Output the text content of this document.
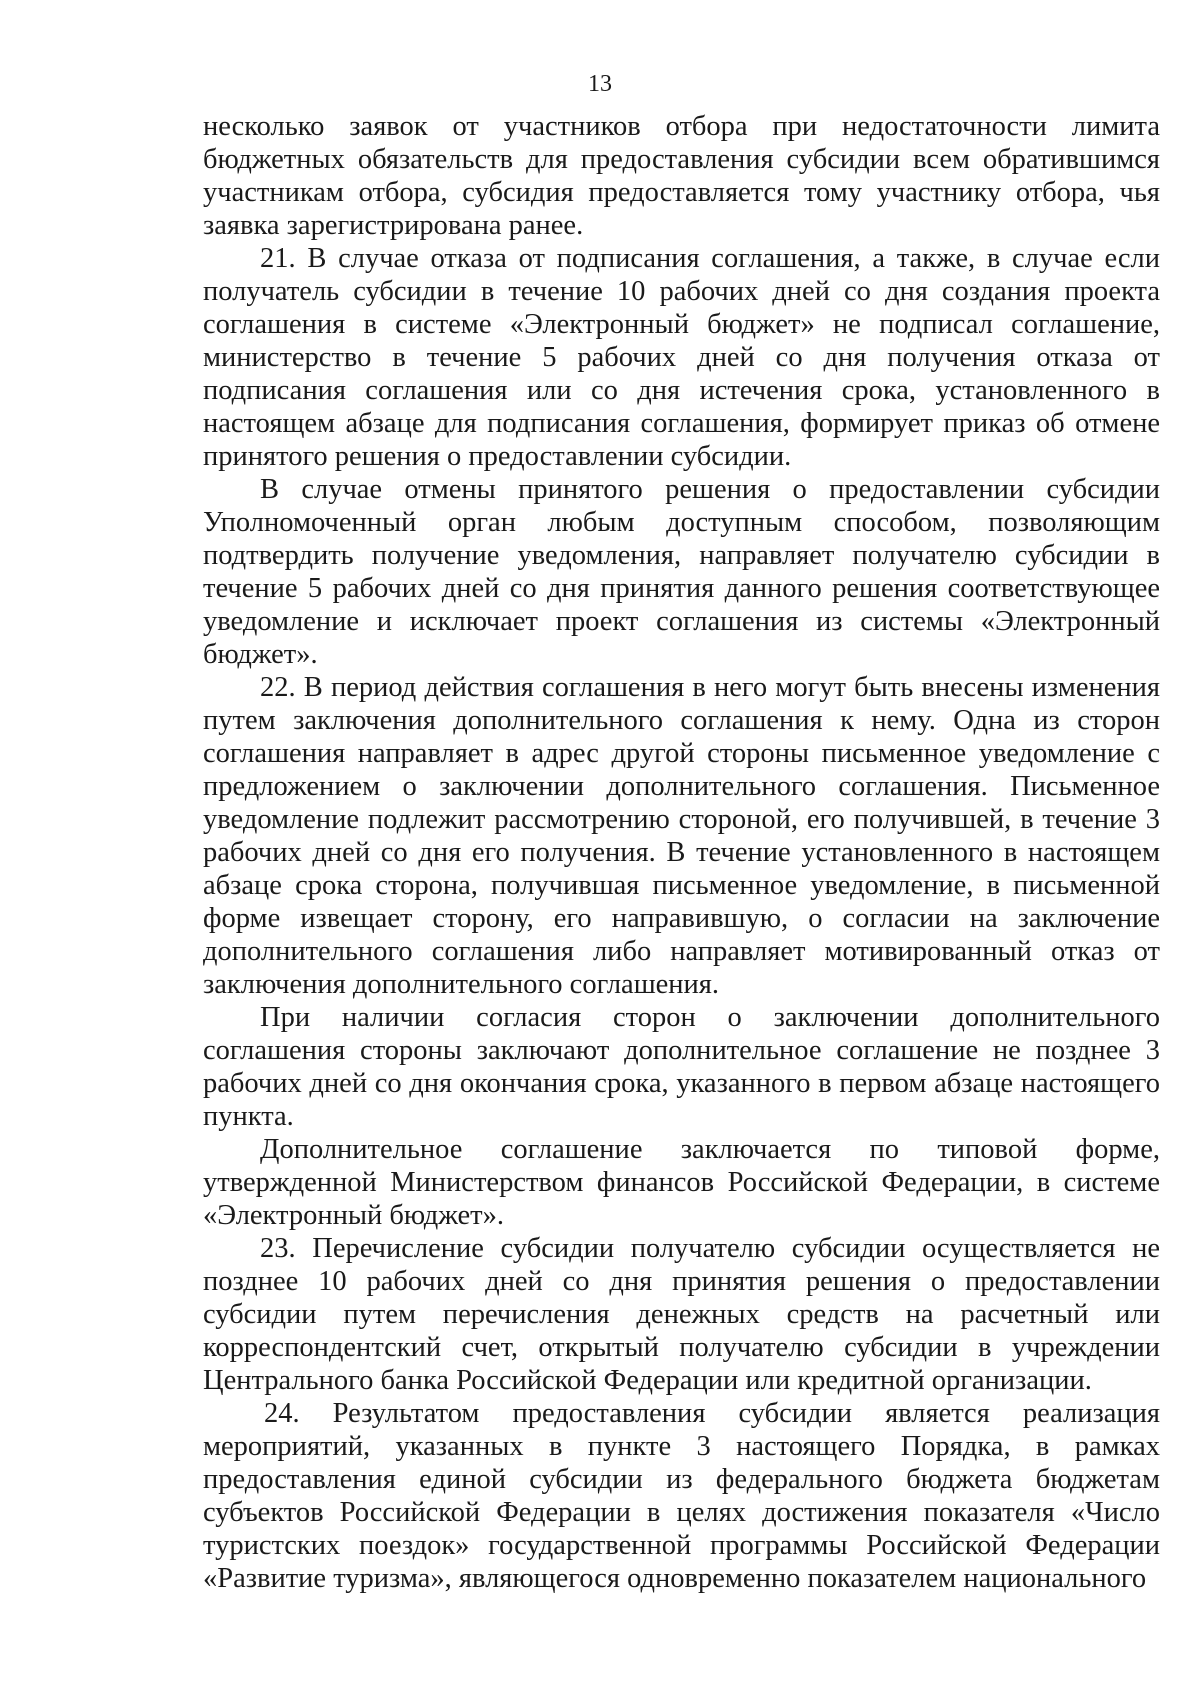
13

несколько заявок от участников отбора при недостаточности лимита бюджетных обязательств для предоставления субсидии всем обратившимся участникам отбора, субсидия предоставляется тому участнику отбора, чья заявка зарегистрирована ранее.

21. В случае отказа от подписания соглашения, а также, в случае если получатель субсидии в течение 10 рабочих дней со дня создания проекта соглашения в системе «Электронный бюджет» не подписал соглашение, министерство в течение 5 рабочих дней со дня получения отказа от подписания соглашения или со дня истечения срока, установленного в настоящем абзаце для подписания соглашения, формирует приказ об отмене принятого решения о предоставлении субсидии.

В случае отмены принятого решения о предоставлении субсидии Уполномоченный орган любым доступным способом, позволяющим подтвердить получение уведомления, направляет получателю субсидии в течение 5 рабочих дней со дня принятия данного решения соответствующее уведомление и исключает проект соглашения из системы «Электронный бюджет».

22. В период действия соглашения в него могут быть внесены изменения путем заключения дополнительного соглашения к нему. Одна из сторон соглашения направляет в адрес другой стороны письменное уведомление с предложением о заключении дополнительного соглашения. Письменное уведомление подлежит рассмотрению стороной, его получившей, в течение 3 рабочих дней со дня его получения. В течение установленного в настоящем абзаце срока сторона, получившая письменное уведомление, в письменной форме извещает сторону, его направившую, о согласии на заключение дополнительного соглашения либо направляет мотивированный отказ от заключения дополнительного соглашения.

При наличии согласия сторон о заключении дополнительного соглашения стороны заключают дополнительное соглашение не позднее 3 рабочих дней со дня окончания срока, указанного в первом абзаце настоящего пункта.

Дополнительное соглашение заключается по типовой форме, утвержденной Министерством финансов Российской Федерации, в системе «Электронный бюджет».

23. Перечисление субсидии получателю субсидии осуществляется не позднее 10 рабочих дней со дня принятия решения о предоставлении субсидии путем перечисления денежных средств на расчетный или корреспондентский счет, открытый получателю субсидии в учреждении Центрального банка Российской Федерации или кредитной организации.

24. Результатом предоставления субсидии является реализация мероприятий, указанных в пункте 3 настоящего Порядка, в рамках предоставления единой субсидии из федерального бюджета бюджетам субъектов Российской Федерации в целях достижения показателя «Число туристских поездок» государственной программы Российской Федерации «Развитие туризма», являющегося одновременно показателем национального
